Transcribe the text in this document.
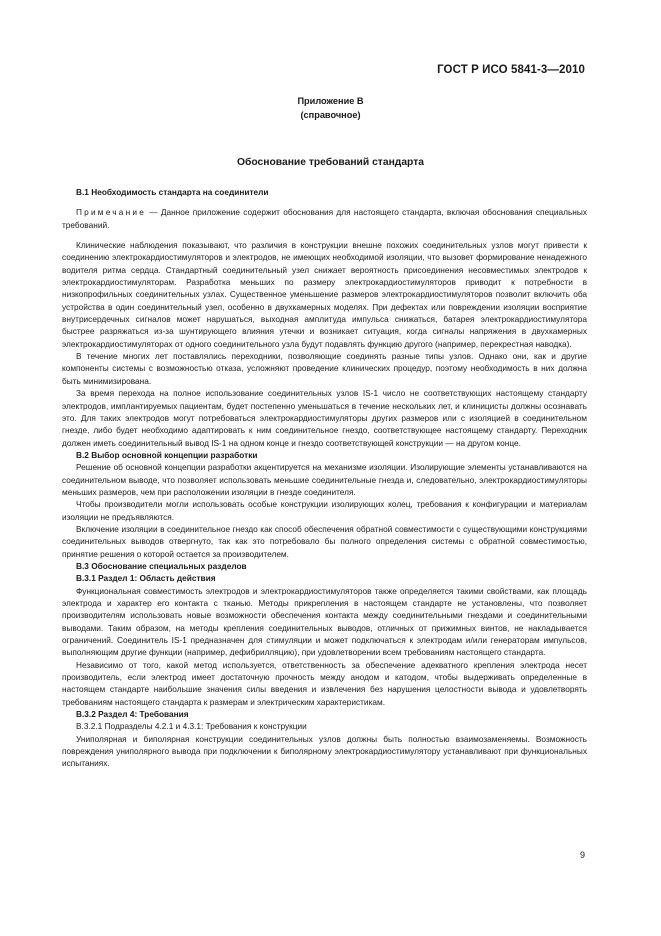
ГОСТ Р ИСО 5841-3—2010
Приложение В
(справочное)
Обоснование требований стандарта
В.1 Необходимость стандарта на соединители

Примечание — Данное приложение содержит обоснования для настоящего стандарта, включая обоснования специальных требований.

Клинические наблюдения показывают, что различия в конструкции внешне похожих соединительных узлов могут привести к соединению электрокардиостимуляторов и электродов, не имеющих необходимой изоляции, что вызовет формирование ненадежного водителя ритма сердца. Стандартный соединительный узел снижает вероятность присоединения несовместимых электродов к электрокардиостимуляторам. Разработка меньших по размеру электрокардиостимуляторов приводит к потребности в низкопрофильных соединительных узлах. Существенное уменьшение размеров электрокардиостимуляторов позволит включить оба устройства в один соединительный узел, особенно в двухкамерных моделях. При дефектах или повреждении изоляции восприятие внутрисердечных сигналов может нарушаться, выходная амплитуда импульса снижаться, батарея электрокардиостимулятора быстрее разряжаться из-за шунтирующего влияния утечки и возникает ситуация, когда сигналы напряжения в двухкамерных электрокардиостимуляторах от одного соединительного узла будут подавлять функцию другого (например, перекрестная наводка).

В течение многих лет поставлялись переходники, позволяющие соединять разные типы узлов. Однако они, как и другие компоненты системы с возможностью отказа, усложняют проведение клинических процедур, поэтому необходимость в них должна быть минимизирована.

За время перехода на полное использование соединительных узлов IS-1 число не соответствующих настоящему стандарту электродов, имплантируемых пациентам, будет постепенно уменьшаться в течение нескольких лет, и клиницисты должны осознавать это. Для таких электродов могут потребоваться электрокардиостимуляторы других размеров или с изоляцией в соединительном гнезде, либо будет необходимо адаптировать к ним соединительное гнездо, соответствующее настоящему стандарту. Переходник должен иметь соединительный вывод IS-1 на одном конце и гнездо соответствующей конструкции — на другом конце.

В.2 Выбор основной концепции разработки

Решение об основной концепции разработки акцентируется на механизме изоляции. Изолирующие элементы устанавливаются на соединительном выводе, что позволяет использовать меньшие соединительные гнезда и, следовательно, электрокардиостимуляторы меньших размеров, чем при расположении изоляции в гнезде соединителя.

Чтобы производители могли использовать особые конструкции изолирующих колец, требования к конфигурации и материалам изоляции не предъявляются.

Включение изоляции в соединительное гнездо как способ обеспечения обратной совместимости с существующими конструкциями соединительных выводов отвергнуто, так как это потребовало бы полного определения системы с обратной совместимостью, принятие решения о которой остается за производителем.

В.3 Обоснование специальных разделов
В.3.1 Раздел 1: Область действия

Функциональная совместимость электродов и электрокардиостимуляторов также определяется такими свойствами, как площадь электрода и характер его контакта с тканью. Методы прикрепления в настоящем стандарте не установлены, что позволяет производителям использовать новые возможности обеспечения контакта между соединительными гнездами и соединительными выводами. Таким образом, на методы крепления соединительных выводов, отличных от прижимных винтов, не накладывается ограничений. Соединитель IS-1 предназначен для стимуляции и может подключаться к электродам и/или генераторам импульсов, выполняющим другие функции (например, дефибрилляцию), при удовлетворении всем требованиям настоящего стандарта.

Независимо от того, какой метод используется, ответственность за обеспечение адекватного крепления электрода несет производитель, если электрод имеет достаточную прочность между анодом и катодом, чтобы выдерживать определенные в настоящем стандарте наибольшие значения силы введения и извлечения без нарушения целостности вывода и удовлетворять требованиям настоящего стандарта к размерам и электрическим характеристикам.

В.3.2 Раздел 4: Требования
В.3.2.1 Подразделы 4.2.1 и 4.3.1: Требования к конструкции

Униполярная и биполярная конструкции соединительных узлов должны быть полностью взаимозаменяемы. Возможность повреждения униполярного вывода при подключении к биполярному электрокардиостимулятору устанавливают при функциональных испытаниях.

9
